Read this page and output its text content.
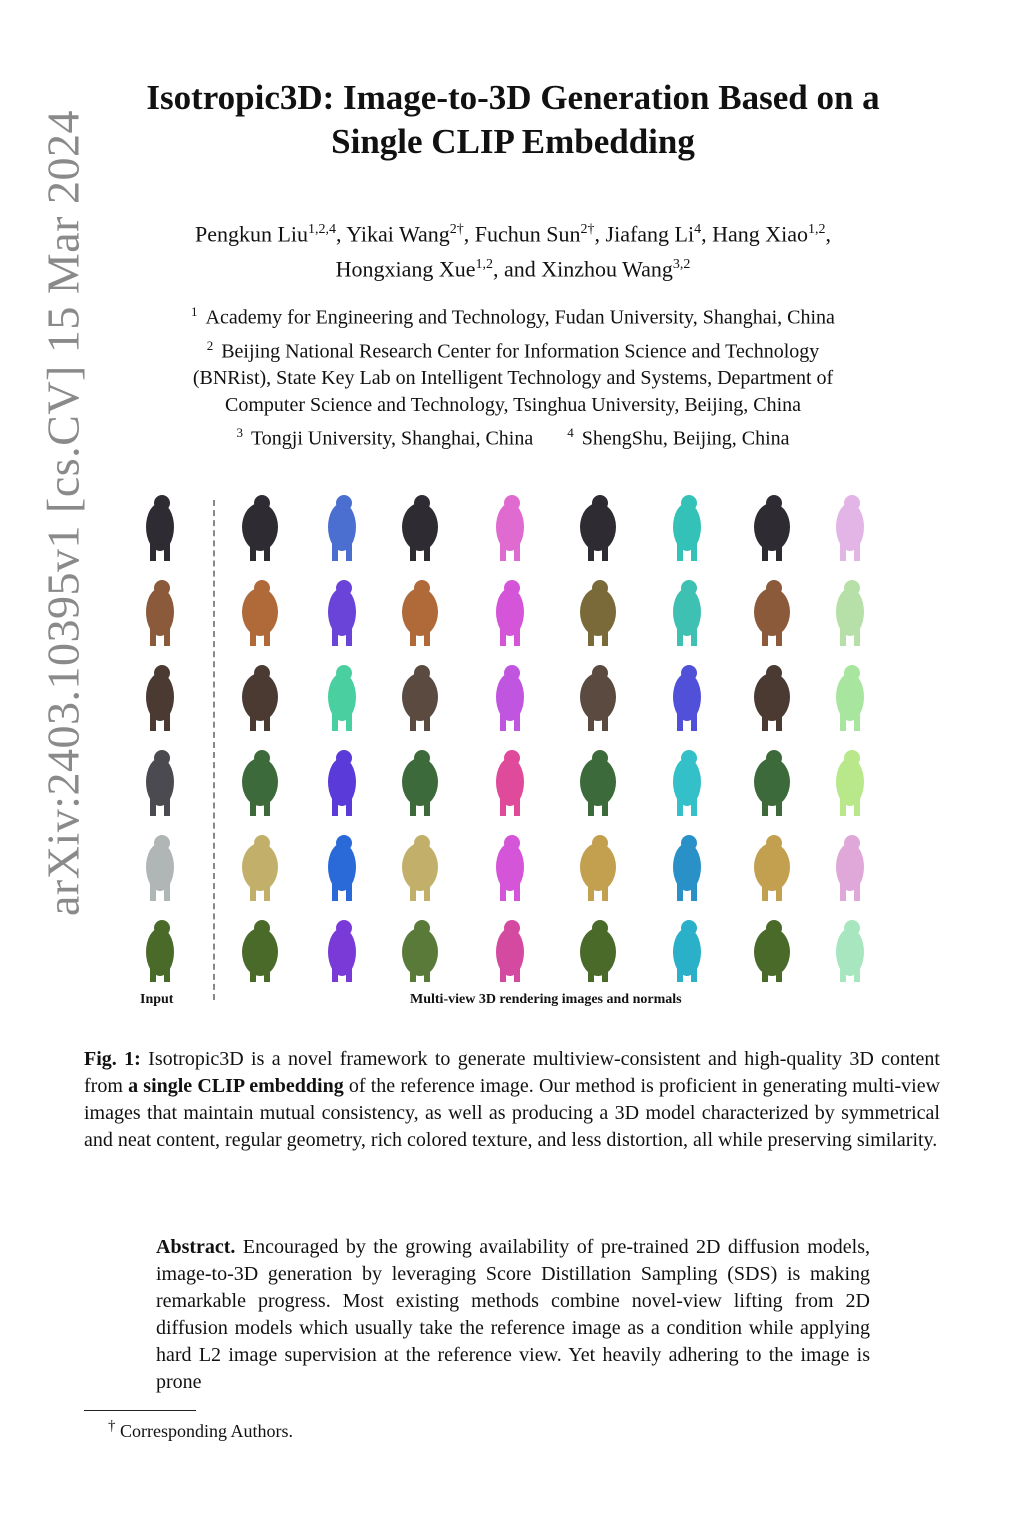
arXiv:2403.10395v1 [cs.CV] 15 Mar 2024
Isotropic3D: Image-to-3D Generation Based on a
Single CLIP Embedding
Pengkun Liu$^{1,2,4}$, Yikai Wang$^{2\dagger}$, Fuchun Sun$^{2\dagger}$, Jiafang Li$^4$, Hang Xiao$^{1,2}$,
Hongxiang Xue$^{1,2}$, and Xinzhou Wang$^{3,2}$
$^1$ Academy for Engineering and Technology, Fudan University, Shanghai, China
$^2$ Beijing National Research Center for Information Science and Technology
(BNRist), State Key Lab on Intelligent Technology and Systems, Department of
Computer Science and Technology, Tsinghua University, Beijing, China
$^3$ Tongji University, Shanghai, China	$^4$ ShengShu, Beijing, China
Input	Multi-view 3D rendering images and normals
Fig. 1: Isotropic3D is a novel framework to generate multiview-consistent and high-quality 3D content from a single CLIP embedding of the reference image. Our method is proficient in generating multi-view images that maintain mutual consistency, as well as producing a 3D model characterized by symmetrical and neat content, regular geometry, rich colored texture, and less distortion, all while preserving similarity.
Abstract. Encouraged by the growing availability of pre-trained 2D diffusion models, image-to-3D generation by leveraging Score Distillation Sampling (SDS) is making remarkable progress. Most existing methods combine novel-view lifting from 2D diffusion models which usually take the reference image as a condition while applying hard L2 image supervision at the reference view. Yet heavily adhering to the image is prone
† Corresponding Authors.
